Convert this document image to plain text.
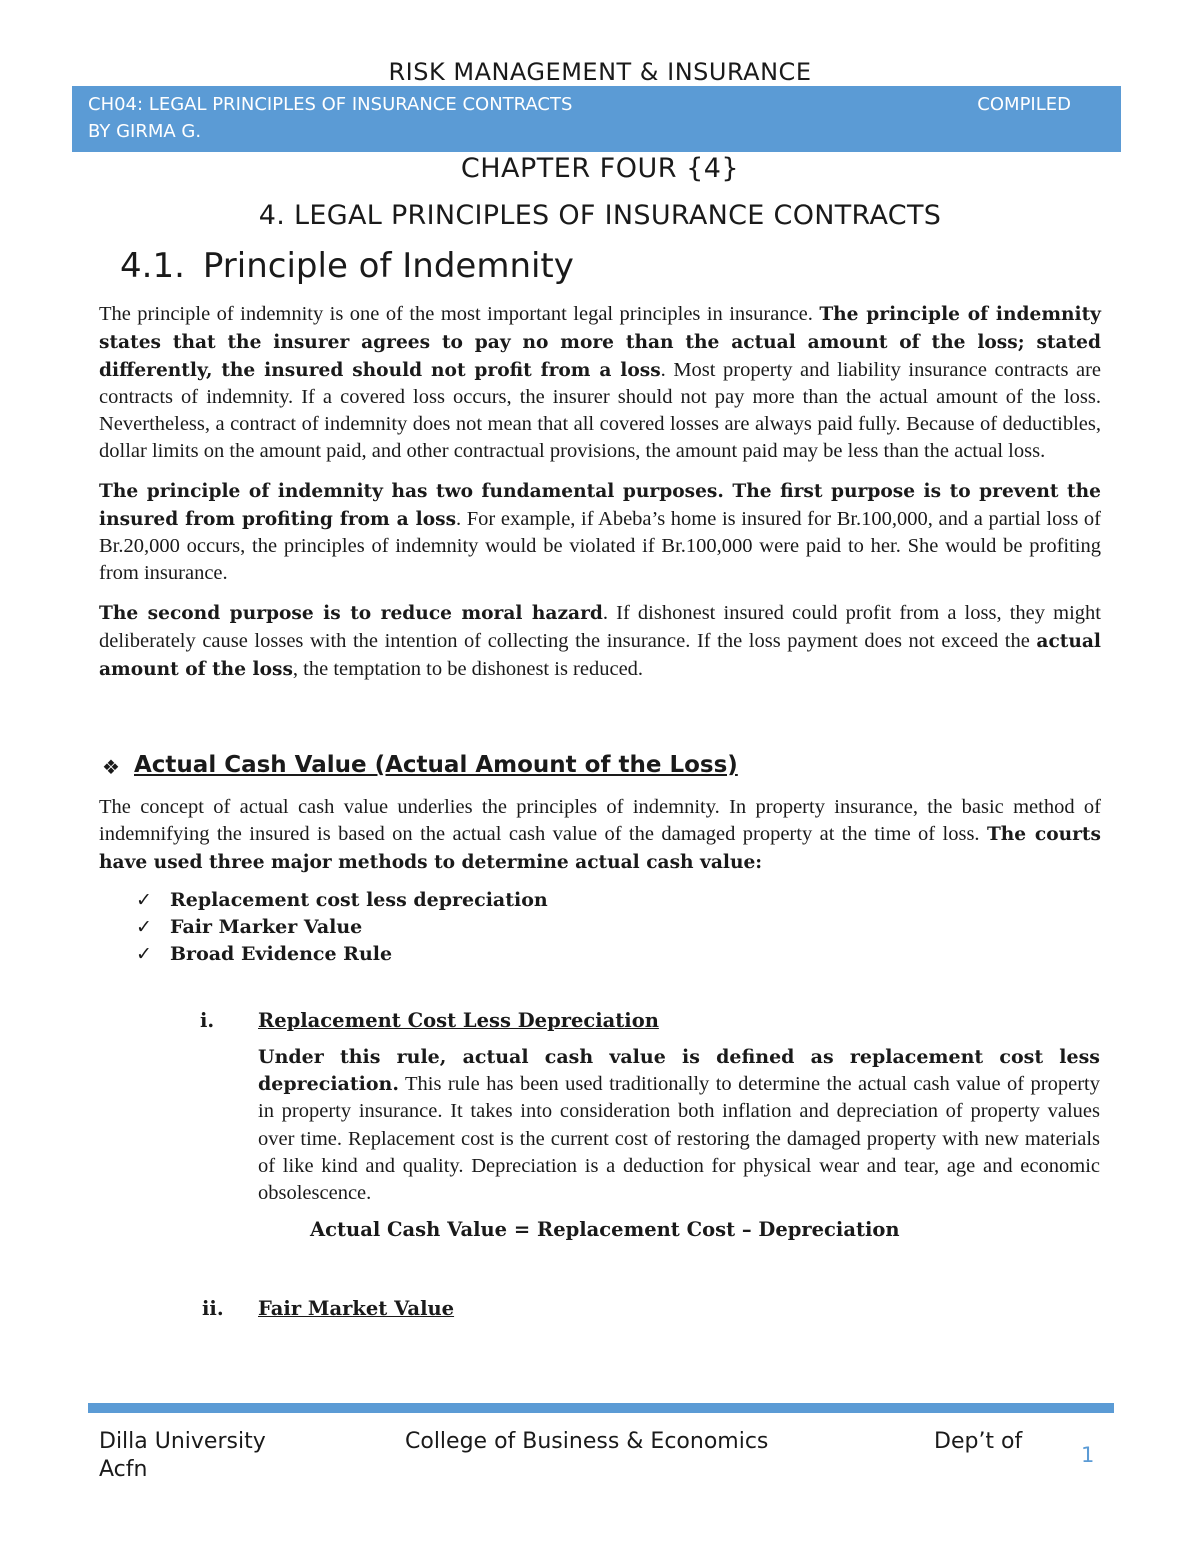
RISK MANAGEMENT & INSURANCE
CH04: LEGAL PRINCIPLES OF INSURANCE CONTRACTS	COMPILED
BY GIRMA G.
CHAPTER FOUR {4}
4. LEGAL PRINCIPLES OF INSURANCE CONTRACTS
4.1. Principle of Indemnity

The principle of indemnity is one of the most important legal principles in insurance. The principle of indemnity states that the insurer agrees to pay no more than the actual amount of the loss; stated differently, the insured should not profit from a loss. Most property and liability insurance contracts are contracts of indemnity. If a covered loss occurs, the insurer should not pay more than the actual amount of the loss. Nevertheless, a contract of indemnity does not mean that all covered losses are always paid fully. Because of deductibles, dollar limits on the amount paid, and other contractual provisions, the amount paid may be less than the actual loss.

The principle of indemnity has two fundamental purposes. The first purpose is to prevent the insured from profiting from a loss. For example, if Abeba’s home is insured for Br.100,000, and a partial loss of Br.20,000 occurs, the principles of indemnity would be violated if Br.100,000 were paid to her. She would be profiting from insurance.

The second purpose is to reduce moral hazard. If dishonest insured could profit from a loss, they might deliberately cause losses with the intention of collecting the insurance. If the loss payment does not exceed the actual amount of the loss, the temptation to be dishonest is reduced.

❖ Actual Cash Value (Actual Amount of the Loss)

The concept of actual cash value underlies the principles of indemnity. In property insurance, the basic method of indemnifying the insured is based on the actual cash value of the damaged property at the time of loss. The courts have used three major methods to determine actual cash value:

✓ Replacement cost less depreciation
✓ Fair Marker Value
✓ Broad Evidence Rule
i. Replacement Cost Less Depreciation
Under this rule, actual cash value is defined as replacement cost less depreciation. This rule has been used traditionally to determine the actual cash value of property in property insurance. It takes into consideration both inflation and depreciation of property values over time. Replacement cost is the current cost of restoring the damaged property with new materials of like kind and quality. Depreciation is a deduction for physical wear and tear, age and economic obsolescence.
Actual Cash Value = Replacement Cost – Depreciation
ii. Fair Market Value
Dilla University	College of Business & Economics	Dep’t of
Acfn
1
